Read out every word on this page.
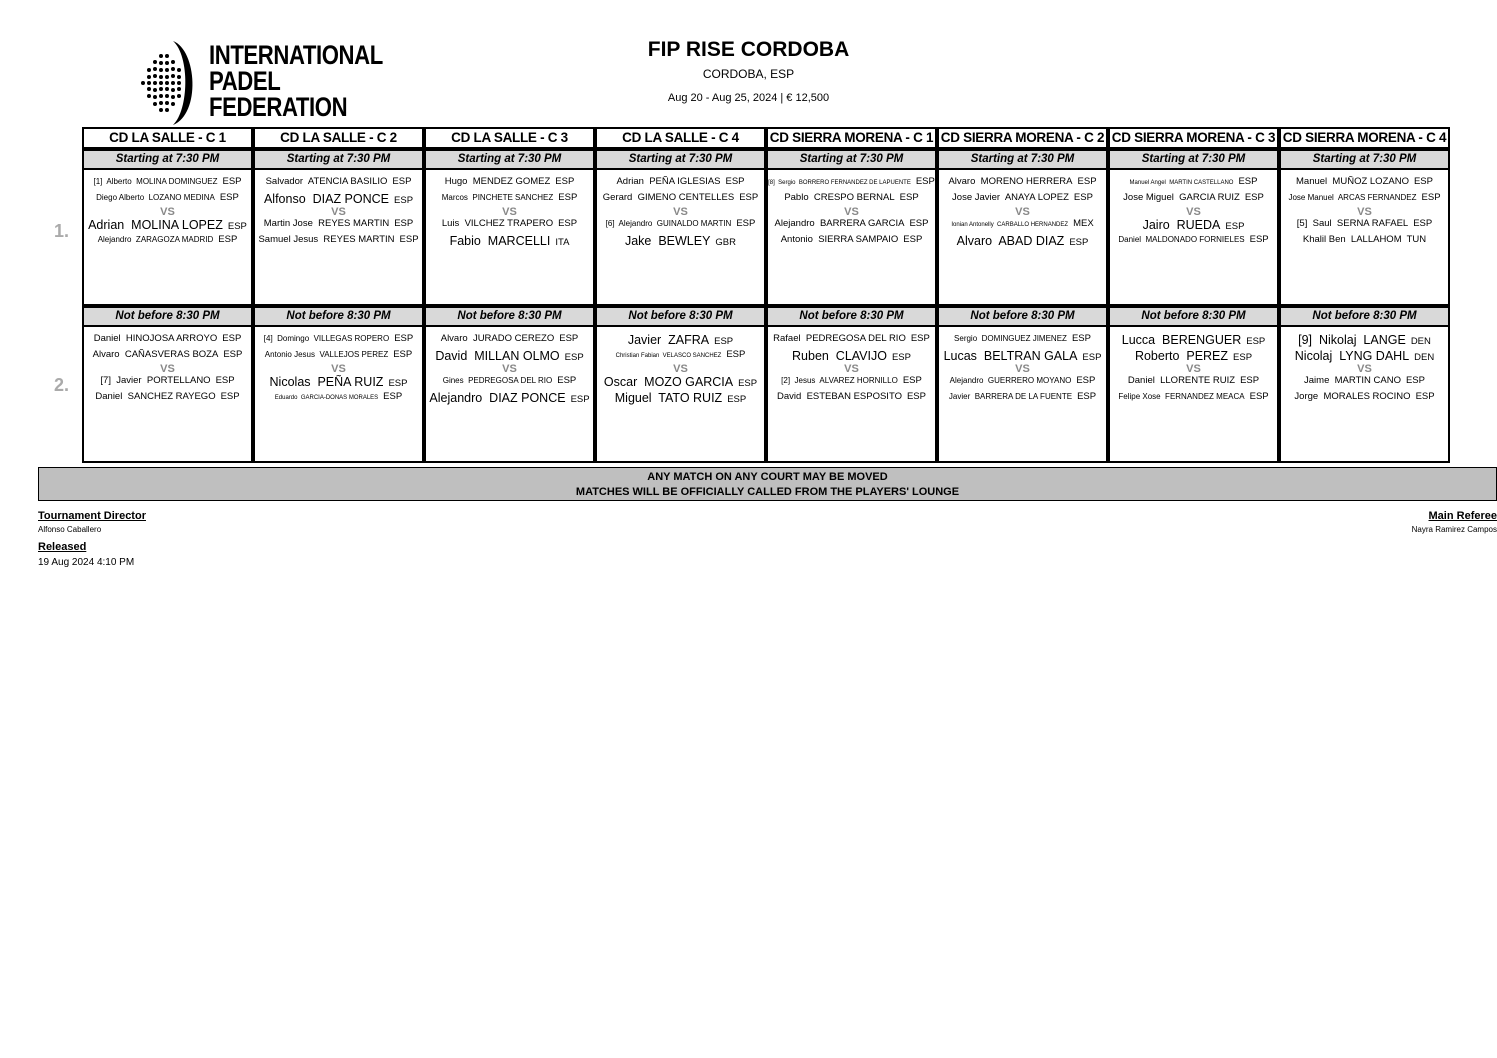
INTERNATIONAL
PADEL
FEDERATION
FIP RISE CORDOBA
CORDOBA, ESP
Aug 20 - Aug 25, 2024 | € 12,500
1.
2.
CD LA SALLE - C 1
Starting at 7:30 PM
[1]  Alberto  MOLINA DOMINGUEZ ESP
Diego Alberto  LOZANO MEDINA ESP
Adrian  MOLINA LOPEZ ESP
Alejandro  ZARAGOZA MADRID ESP
VS
Not before 8:30 PM
Daniel  HINOJOSA ARROYO ESP
Alvaro  CAÑASVERAS BOZA ESP
[7]  Javier  PORTELLANO ESP
Daniel  SANCHEZ RAYEGO ESP
VS
CD LA SALLE - C 2
Starting at 7:30 PM
Salvador  ATENCIA BASILIO ESP
Alfonso  DIAZ PONCE ESP
Martin Jose  REYES MARTIN ESP
Samuel Jesus  REYES MARTIN ESP
VS
Not before 8:30 PM
[4]  Domingo  VILLEGAS ROPERO ESP
Antonio Jesus  VALLEJOS PEREZ ESP
Nicolas  PEÑA RUIZ ESP
Eduardo  GARCIA-DONAS MORALES ESP
VS
CD LA SALLE - C 3
Starting at 7:30 PM
Hugo  MENDEZ GOMEZ ESP
Marcos  PINCHETE SANCHEZ ESP
Luis  VILCHEZ TRAPERO ESP
Fabio  MARCELLI ITA
VS
Not before 8:30 PM
Alvaro  JURADO CEREZO ESP
David  MILLAN OLMO ESP
Gines  PEDREGOSA DEL RIO ESP
Alejandro  DIAZ PONCE ESP
VS
CD LA SALLE - C 4
Starting at 7:30 PM
Adrian  PEÑA IGLESIAS ESP
Gerard  GIMENO CENTELLES ESP
[6]  Alejandro  GUINALDO MARTIN ESP
Jake  BEWLEY GBR
VS
Not before 8:30 PM
Javier  ZAFRA ESP
Christian Fabian  VELASCO SANCHEZ ESP
Oscar  MOZO GARCIA ESP
Miguel  TATO RUIZ ESP
VS
CD SIERRA MORENA - C 1
Starting at 7:30 PM
[8]  Sergio  BORRERO FERNANDEZ DE LAPUENTE ESP
Pablo  CRESPO BERNAL ESP
Alejandro  BARRERA GARCIA ESP
Antonio  SIERRA SAMPAIO ESP
VS
Not before 8:30 PM
Rafael  PEDREGOSA DEL RIO ESP
Ruben  CLAVIJO ESP
[2]  Jesus  ALVAREZ HORNILLO ESP
David  ESTEBAN ESPOSITO ESP
VS
CD SIERRA MORENA - C 2
Starting at 7:30 PM
Alvaro  MORENO HERRERA ESP
Jose Javier  ANAYA LOPEZ ESP
Ionian Antonelly  CARBALLO HERNANDEZ MEX
Alvaro  ABAD DIAZ ESP
VS
Not before 8:30 PM
Sergio  DOMINGUEZ JIMENEZ ESP
Lucas  BELTRAN GALA ESP
Alejandro  GUERRERO MOYANO ESP
Javier  BARRERA DE LA FUENTE ESP
VS
CD SIERRA MORENA - C 3
Starting at 7:30 PM
Manuel Angel  MARTIN CASTELLANO ESP
Jose Miguel  GARCIA RUIZ ESP
Jairo  RUEDA ESP
Daniel  MALDONADO FORNIELES ESP
VS
Not before 8:30 PM
Lucca  BERENGUER ESP
Roberto  PEREZ ESP
Daniel  LLORENTE RUIZ ESP
Felipe Xose  FERNANDEZ MEACA ESP
VS
CD SIERRA MORENA - C 4
Starting at 7:30 PM
Manuel  MUÑOZ LOZANO ESP
Jose Manuel  ARCAS FERNANDEZ ESP
[5]  Saul  SERNA RAFAEL ESP
Khalil Ben  LALLAHOM TUN
VS
Not before 8:30 PM
[9]  Nikolaj  LANGE DEN
Nicolaj  LYNG DAHL DEN
Jaime  MARTIN CANO ESP
Jorge  MORALES ROCINO ESP
VS
ANY MATCH ON ANY COURT MAY BE MOVED
MATCHES WILL BE OFFICIALLY CALLED FROM THE PLAYERS' LOUNGE
Tournament Director
Alfonso Caballero
Released
19 Aug 2024 4:10 PM
Main Referee
Nayra Ramirez Campos
